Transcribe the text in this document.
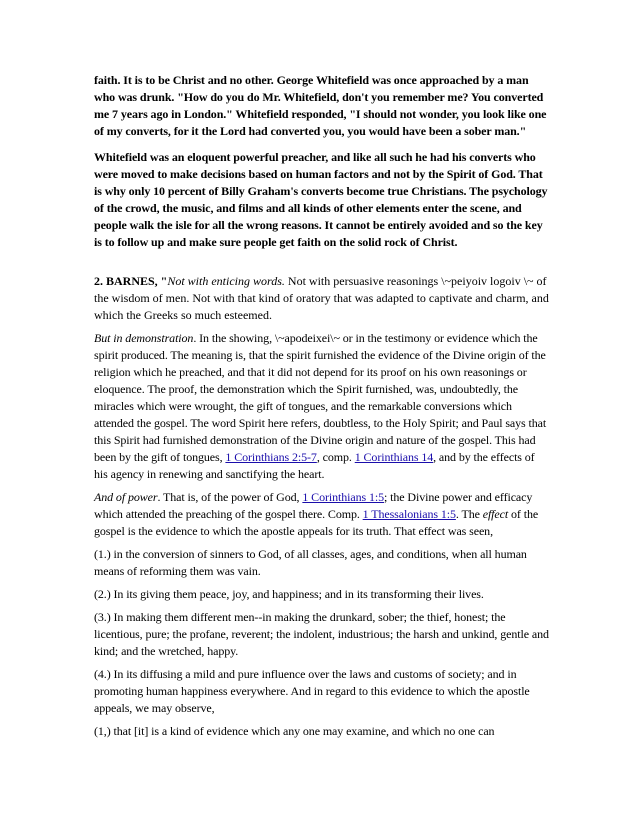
faith. It is to be Christ and no other. George Whitefield was once approached by a man who was drunk. "How do you do Mr. Whitefield, don't you remember me? You converted me 7 years ago in London." Whitefield responded, "I should not wonder, you look like one of my converts, for it the Lord had converted you, you would have been a sober man."

Whitefield was an eloquent powerful preacher, and like all such he had his converts who were moved to make decisions based on human factors and not by the Spirit of God. That is why only 10 percent of Billy Graham's converts become true Christians. The psychology of the crowd, the music, and films and all kinds of other elements enter the scene, and people walk the isle for all the wrong reasons. It cannot be entirely avoided and so the key is to follow up and make sure people get faith on the solid rock of Christ.

2. BARNES, "Not with enticing words. Not with persuasive reasonings \~peiyoiv logoiv \~ of the wisdom of men. Not with that kind of oratory that was adapted to captivate and charm, and which the Greeks so much esteemed.

But in demonstration. In the showing, \~apodeixei\~ or in the testimony or evidence which the spirit produced. The meaning is, that the spirit furnished the evidence of the Divine origin of the religion which he preached, and that it did not depend for its proof on his own reasonings or eloquence. The proof, the demonstration which the Spirit furnished, was, undoubtedly, the miracles which were wrought, the gift of tongues, and the remarkable conversions which attended the gospel. The word Spirit here refers, doubtless, to the Holy Spirit; and Paul says that this Spirit had furnished demonstration of the Divine origin and nature of the gospel. This had been by the gift of tongues, 1 Corinthians 2:5-7, comp. 1 Corinthians 14, and by the effects of his agency in renewing and sanctifying the heart.

And of power. That is, of the power of God, 1 Corinthians 1:5; the Divine power and efficacy which attended the preaching of the gospel there. Comp. 1 Thessalonians 1:5. The effect of the gospel is the evidence to which the apostle appeals for its truth. That effect was seen,

(1.) in the conversion of sinners to God, of all classes, ages, and conditions, when all human means of reforming them was vain.

(2.) In its giving them peace, joy, and happiness; and in its transforming their lives.

(3.) In making them different men--in making the drunkard, sober; the thief, honest; the licentious, pure; the profane, reverent; the indolent, industrious; the harsh and unkind, gentle and kind; and the wretched, happy.

(4.) In its diffusing a mild and pure influence over the laws and customs of society; and in promoting human happiness everywhere. And in regard to this evidence to which the apostle appeals, we may observe,

(1,) that [it] is a kind of evidence which any one may examine, and which no one can
